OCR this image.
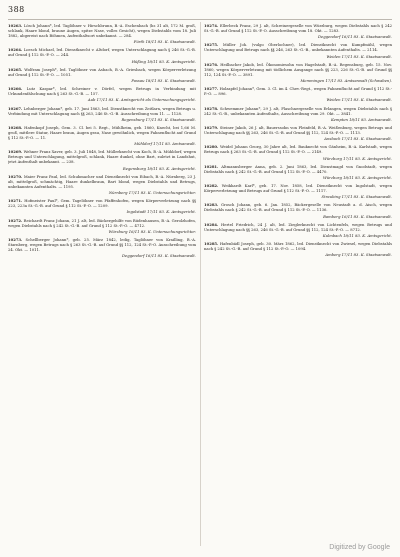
388
10263. Lösch Johann*, led. Taglöhner v. Hirschbrunn, B.-A. Eschenbach (hs 31 alt, 172 M. groß, schlank, Haare blond, braune Augen, spitze Nase, volles Gesicht), wegen Diebstahls vom 18. Juli 1882, abgereist nach Böhmen, Aufenthaltsort unbekannt. — 284.
Fürth 18/11 83. K. Staatsanwalt.
10264. Loesch Michael, led. Dienstknecht v. Altdorf, wegen Unterschlagung nach § 246 St.-G.-B. auf Grund § 112 St.-P.-O. — 244.
Hüßing 18/11 83. K. Amtsgericht.
10265. Wolfram Joseph*, led. Taglöhner von Asbach, B.-A. Griesbach, wegen Körperverletzung auf Grund § 112 St.-P.-O. — 1051.
Passau 18/11 83. K. Staatsanwalt.
10266. Lutz Kaspar*, led. Schreiner v. Dörfel, wegen Betrugs in Verbindung mit Urkundenfälschung nach § 263 St.-G.-B. — 157.
Aub 17/11 83. K. Amtsgericht als Untersuchungsgericht.
10267. Lehnberger Johann*, geb. 17. Juni 1863, led. Dienstknecht von Zeitlarn, wegen Betrugs u. Verbindung mit Unterschlagung nach §§ 263, 246 St.-G.-B. Ausschreibung vom 11. — 1128.
Regensburg 17/11 83. K. Staatsanwalt.
10268. Hafenkopf Joseph, Gem. 3. Cl. bei 5. Regt., Mühlheim, geb. 1860, Knecht, bei 1,66 M. groß, mittlere Statur, Haare braun, Augen grau, Nase gewöhnlich, wegen Fahnenflucht auf Grund § 112 St.-P.-O. — 11.
Mühldorf 17/11 83. Amtsanwalt.
10269. Wehner Franz Xaver, geb. 3. Juli 1848, led. Müllerknecht von Koch, B.-A. Mühldorf, wegen Betrugs und Unterschlagung, mittelgroß, schlank, Haare dunkel, ohne Bart, zuletzt in Landshut, jetzt Aufenthalt unbekannt. — 238.
Regensburg 18/11 83. K. Amtsgericht.
10270. Maier Franz Paul, led. Schuhmacher und Dienstknecht von Eibach, B.-A. Nürnberg, 23 J. alt, mittelgroß, schmächtig, Haare dunkelbraun, Bart blond, wegen Diebstahls und Betrugs, unbekannten Aufenthalts. — 1195.
Nürnberg 17/11 83. K. Untersuchungsrichter.
10271. Hofmeister Paul*, Gem. Tagelöhner von Pfaffenhofen, wegen Körperverletzung nach §§ 223, 223a St.-G.-B. auf Grund § 112 St.-P.-O. — 1209.
Ingolstadt 17/11 83. K. Amtsgericht.
10272. Reichardt Franz Johann, 21 J. alt, led. Bäckergehilfe von Rüdenhausen, B.-A. Gerolzhofen, wegen Diebstahls nach § 242 St.-G.-B. auf Grund § 112 St.-P.-O. — 4712.
Würzburg 16/11 83. K. Untersuchungsrichter.
10273. Schellberger Johann*, geb. 25. März 1842, ledig, Taglöhner von Krailling, B.-A. Starnberg, wegen Betrugs nach § 263 St.-G.-B. auf Grund §§ 112, 124 St.-P.-O. Ausschreibung vom 24. Okt. — 1011.
Deggendorf 16/11 83. K. Staatsanwalt.
10274. Ellerbeck Franz, 29 J. alt, Schreinergeselle von Würzburg, wegen Diebstahls nach § 242 St.-G.-B. auf Grund § 112 St.-P.-O. Ausschreibung vom 18. Okt. — 1283.
Deggendorf 16/11 83. K. Staatsanwalt.
10275. Müller Joh. (vulgo Oberlochner), led. Dienstknecht von Kumpfmühl, wegen Unterschlagung und Betrugs nach §§ 246, 263 St.-G.-B., unbekannten Aufenthalts. — 2114.
Weiden 17/11 83. K. Staatsanwalt.
10276. Heilbacher Jakob, led. Ökonomiesohn von Hagelstadt, B.-A. Regensburg, geb. 15. Nov. 1860, wegen Körperverletzung mit tödlichem Ausgange nach §§ 223, 226 St.-G.-B. auf Grund §§ 112, 124 St.-P.-O. — 3891.
Memmingen 17/11 83. Amtsanwalt (Schwaben).
10277. Holzapfel Johann*, Gem. 3. Cl. im 4. Chev.-Regt., wegen Fahnenflucht auf Grund § 112 St.-P.-O. — 896.
Weiden 17/11 83. K. Staatsanwalt.
10278. Schwemmer Johann*, 29 J. alt, Flaschnergeselle von Erlangen, wegen Diebstahls nach § 242 St.-G.-B., unbekannten Aufenthalts, Ausschreibung vom 29. Okt. — 3841.
Kempten 18/11 83. Amtsanwalt.
10279. Steiner Jakob, 26 J. alt, Bauerssohn von Pleinfeld, B.-A. Weißenburg, wegen Betrugs und Unterschlagung nach §§ 263, 246 St.-G.-B. auf Grund §§ 112, 124 St.-P.-O. — 1113.
Ansbach 17/11 83. K. Staatsanwalt.
10280. Weidel Johann Georg, 30 Jahre alt, led. Bauknecht von Gänheim, B.-A. Karlstadt, wegen Betrugs nach § 263 St.-G.-B. auf Grund § 112 St.-P.-O. — 2149.
Würzburg 17/11 83. K. Amtsgericht.
10281. Altmannsberger Anna, geb. 2. Juni 1863, led. Dienstmagd von Gnodstadt, wegen Diebstahls nach § 242 St.-G.-B. auf Grund § 112 St.-P.-O. — 4470.
Würzburg 18/11 83. K. Amtsgericht.
10282. Weikhardt Karl*, geb. 17. Nov. 1858, led. Dienstknecht von Ingolstadt, wegen Körperverletzung und Betrugs auf Grund § 112 St.-P.-O. — 1117.
Straubing 17/11 83. K. Staatsanwalt.
10283. Grosch Johann, geb. 6. Jan. 1852, Bäckergeselle von Neustadt a. d. Aisch, wegen Diebstahls nach § 242 St.-G.-B. auf Grund § 112 St.-P.-O. — 1136.
Bamberg 16/11 83. K. Staatsanwalt.
10284. Hertel Friedrich, 24 J. alt, led. Zieglerknecht von Lichtenfels, wegen Betrugs und Unterschlagung nach §§ 263, 246 St.-G.-B. auf Grund §§ 112, 124 St.-P.-O. — 8712.
Kulmbach 18/11 83. K. Amtsgericht.
10285. Hafenbädl Joseph, geb. 30. März 1862, led. Dienstknecht von Zwiesel, wegen Diebstahls nach § 242 St.-G.-B. auf Grund § 112 St.-P.-O. — 1094.
Amberg 17/11 83. K. Staatsanwalt.
Digitized by Google
